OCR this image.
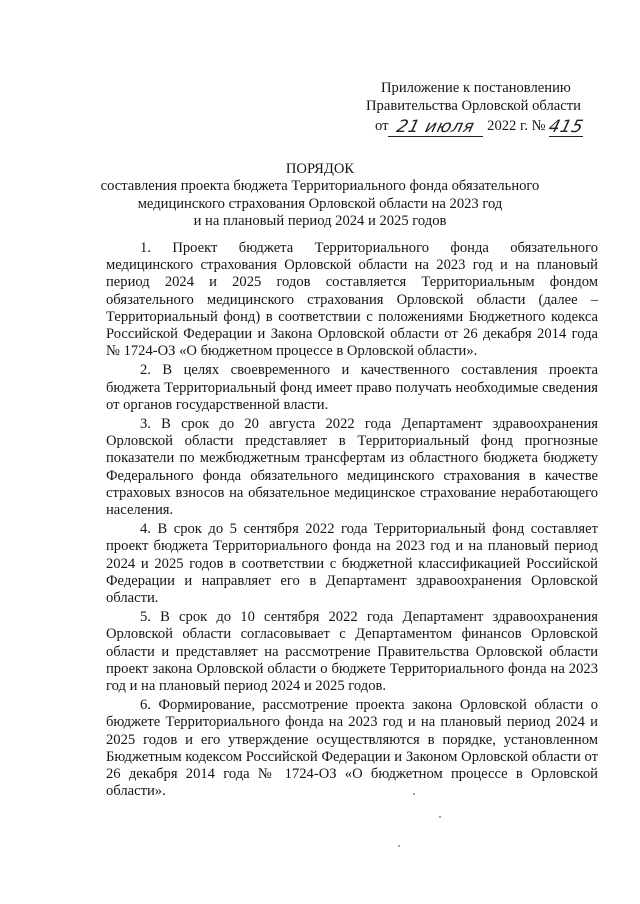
Приложение к постановлению
Правительства Орловской области
от 21 июля 2022 г. № 415
ПОРЯДОК
составления проекта бюджета Территориального фонда обязательного
медицинского страхования Орловской области на 2023 год
и на плановый период 2024 и 2025 годов

1. Проект бюджета Территориального фонда обязательного медицинского страхования Орловской области на 2023 год и на плановый период 2024 и 2025 годов составляется Территориальным фондом обязательного медицинского страхования Орловской области (далее – Территориальный фонд) в соответствии с положениями Бюджетного кодекса Российской Федерации и Закона Орловской области от 26 декабря 2014 года № 1724-ОЗ «О бюджетном процессе в Орловской области».

2. В целях своевременного и качественного составления проекта бюджета Территориальный фонд имеет право получать необходимые сведения от органов государственной власти.

3. В срок до 20 августа 2022 года Департамент здравоохранения Орловской области представляет в Территориальный фонд прогнозные показатели по межбюджетным трансфертам из областного бюджета бюджету Федерального фонда обязательного медицинского страхования в качестве страховых взносов на обязательное медицинское страхование неработающего населения.

4. В срок до 5 сентября 2022 года Территориальный фонд составляет проект бюджета Территориального фонда на 2023 год и на плановый период 2024 и 2025 годов в соответствии с бюджетной классификацией Российской Федерации и направляет его в Департамент здравоохранения Орловской области.

5. В срок до 10 сентября 2022 года Департамент здравоохранения Орловской области согласовывает с Департаментом финансов Орловской области и представляет на рассмотрение Правительства Орловской области проект закона Орловской области о бюджете Территориального фонда на 2023 год и на плановый период 2024 и 2025 годов.

6. Формирование, рассмотрение проекта закона Орловской области о бюджете Территориального фонда на 2023 год и на плановый период 2024 и 2025 годов и его утверждение осуществляются в порядке, установленном Бюджетным кодексом Российской Федерации и Законом Орловской области от 26 декабря 2014 года № 1724-ОЗ «О бюджетном процессе в Орловской области».
